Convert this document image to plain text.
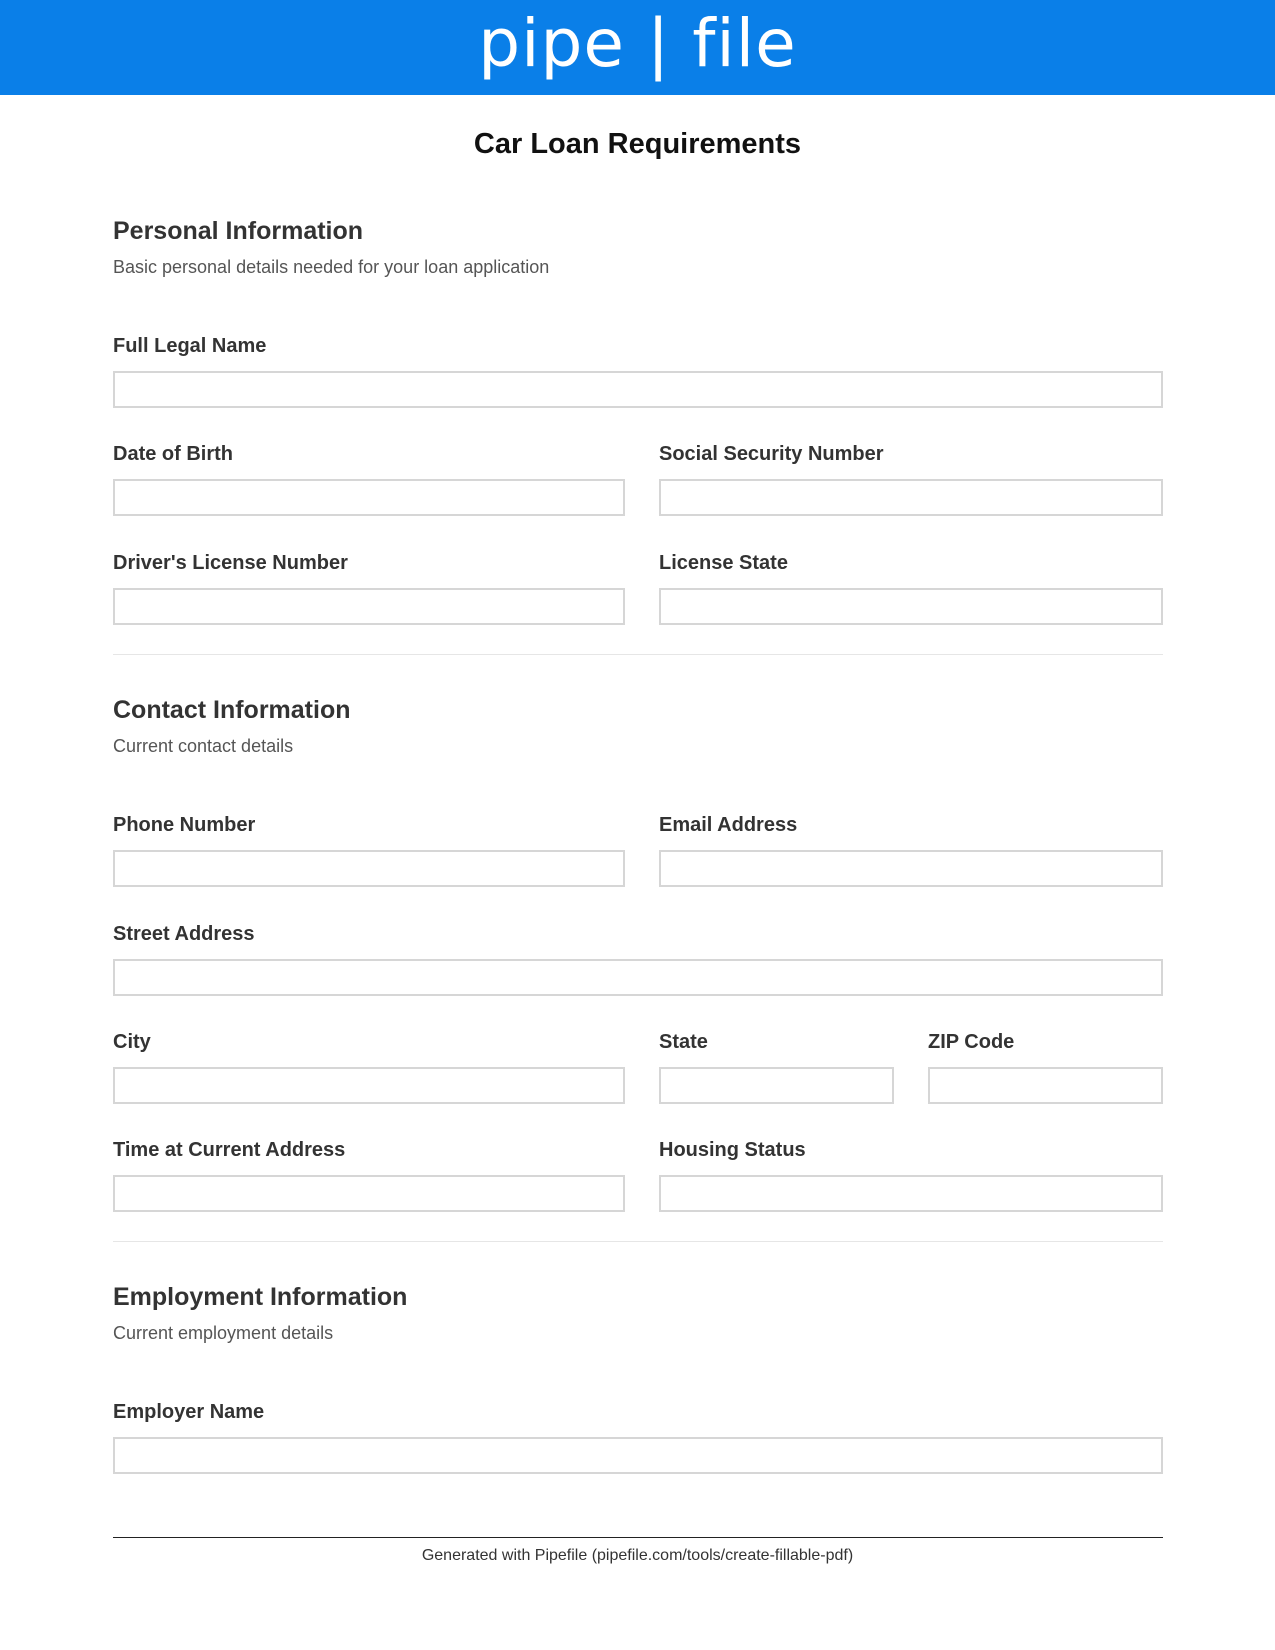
pipe | file
Car Loan Requirements
Personal Information
Basic personal details needed for your loan application
Full Legal Name
Date of Birth	Social Security Number
Driver's License Number	License State
Contact Information
Current contact details
Phone Number	Email Address
Street Address
City	State	ZIP Code
Time at Current Address	Housing Status
Employment Information
Current employment details
Employer Name
Generated with Pipefile (pipefile.com/tools/create-fillable-pdf)
